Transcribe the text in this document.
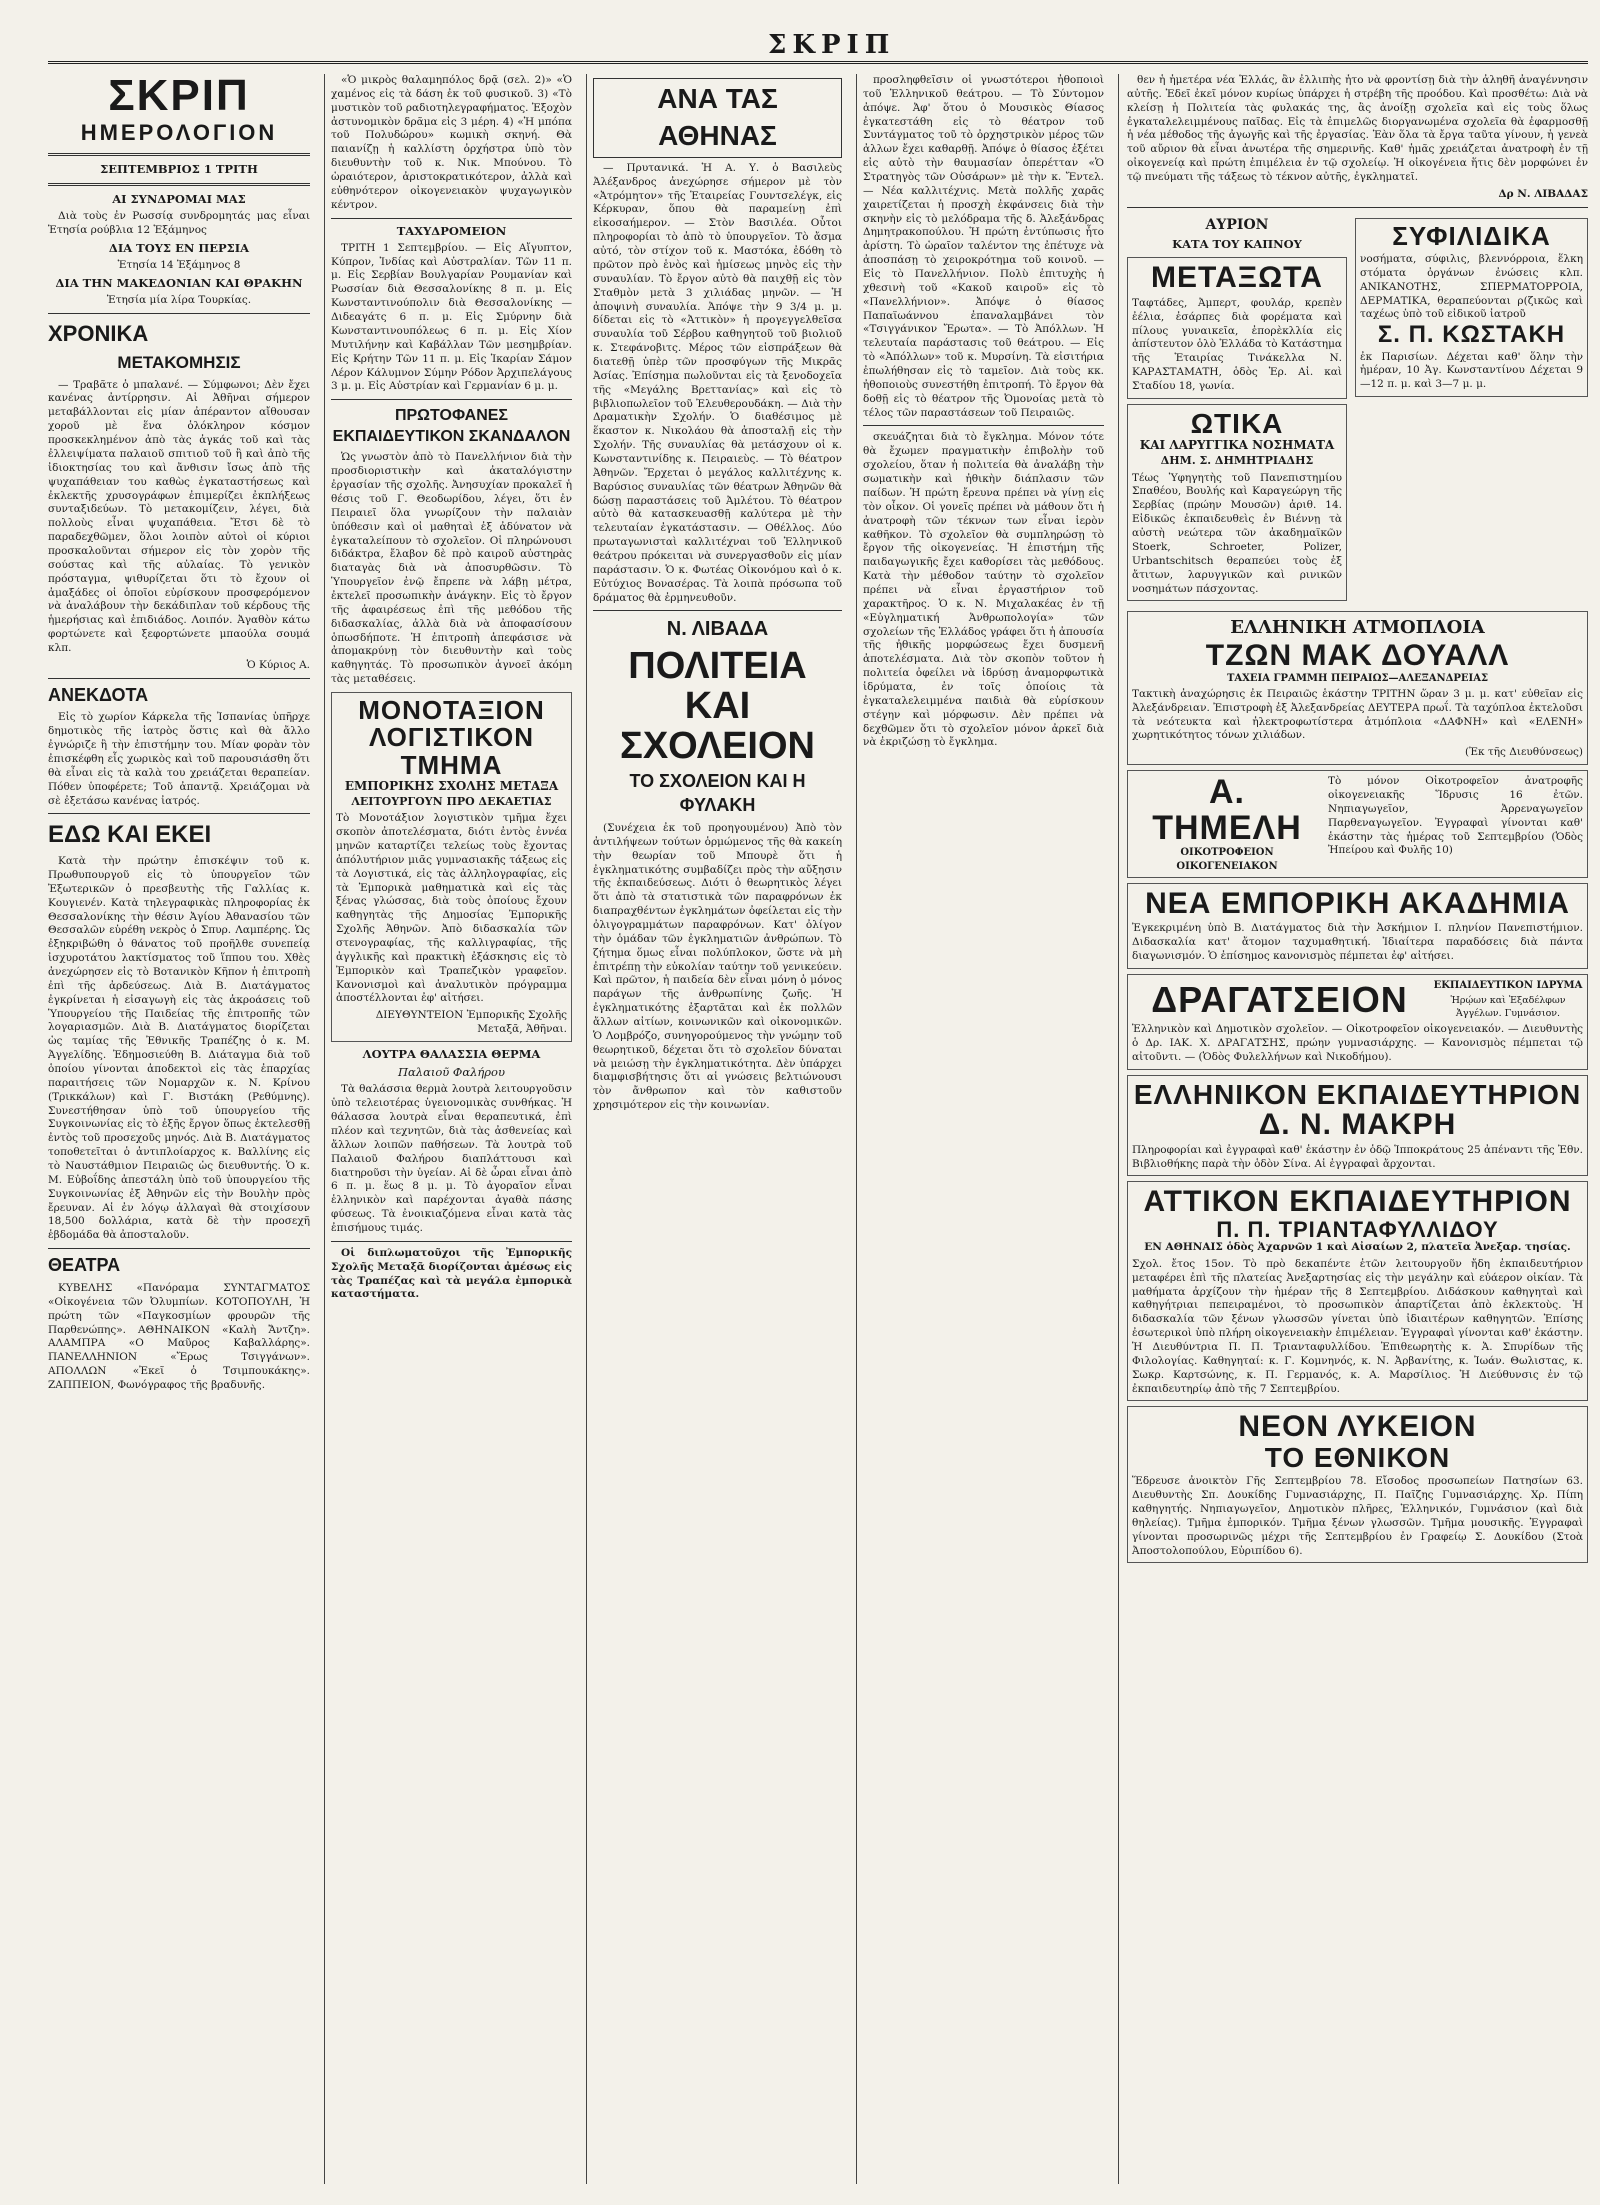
ΣΚΡΙΠ
ΣΚΡΙΠ
ΗΜΕΡΟΛΟΓΙΟΝ
ΣΕΠΤΕΜΒΡΙΟΣ 1 ΤΡΙΤΗ
ΑΙ ΣΥΝΔΡΟΜΑΙ ΜΑΣ

Διὰ τοὺς ἐν Ρωσσίᾳ συνδρομητάς μας εἶναι Ἑτησία ρούβλια 12 Ἑξάμηνος

ΔΙΑ ΤΟΥΣ ΕΝ ΠΕΡΣΙΑ

Ἑτησία 14 Ἑξάμηνος 8

ΔΙΑ ΤΗΝ ΜΑΚΕΔΟΝΙΑΝ ΚΑΙ ΘΡΑΚΗΝ

Ἑτησία μία λίρα Τουρκίας.

ΧΡΟΝΙΚΑ
ΜΕΤΑΚΟΜΗΣΙΣ

— Τραβᾶτε ὁ μπαλανέ. — Σύμφωνοι; Δὲν ἔχει κανένας ἀντίρρησιν. Αἱ Ἀθῆναι σήμερον μεταβάλλονται εἰς μίαν ἀπέραντον αἴθουσαν χοροῦ μὲ ἕνα ὁλόκληρον κόσμον προσκεκλημένον ἀπὸ τὰς ἀγκάς τοῦ καὶ τὰς ἐλλειψίματα παλαιοῦ σπιτιοῦ τοῦ ἢ καὶ ἀπὸ τῆς ἰδιοκτησίας του καὶ ἄνθισιν ἴσως ἀπὸ τῆς ψυχαπάθειαν του καθὼς ἐγκαταστήσεως καὶ ἐκλεκτῆς χρυσογράφων ἐπιμερίζει ἐκπλήξεως συνταξιδεύων. Τὸ μετακομίζειν, λέγει, διὰ πολλοὺς εἶναι ψυχαπάθεια. Ἔτσι δὲ τὸ παραδεχθῶμεν, ὅλοι λοιπὸν αὐτοὶ οἱ κύριοι προσκαλοῦνται σήμερον εἰς τὸν χορὸν τῆς σούστας καὶ τῆς αὐλαίας. Τὸ γενικὸν πρόσταγμα, ψιθυρίζεται ὅτι τὸ ἔχουν οἱ ἀμαξάδες οἱ ὁποῖοι εὑρίσκουν προσφερόμενον νὰ ἀναλάβουν τὴν δεκάδιπλαν τοῦ κέρδους τῆς ἡμερήσιας καὶ ἐπιδιάδος. Λοιπόν. Ἀγαθὸν κάτω φορτώνετε καὶ ξεφορτώνετε μπαούλα σουμά κλπ.

Ὁ Κύριος Α.

ΑΝΕΚΔΟΤΑ

Εἰς τὸ χωρίον Κάρκελα τῆς Ἰσπανίας ὑπῆρχε δημοτικὸς τῆς ἰατρὸς ὅστις καὶ θὰ ἄλλο ἐγνώριζε ἢ τὴν ἐπιστήμην του. Μίαν φορὰν τὸν ἐπισκέφθη εἷς χωρικὸς καὶ τοῦ παρουσιάσθη ὅτι θὰ εἶναι εἰς τὰ καλὰ του χρειάζεται θεραπείαν. Πόθεν ὑποφέρετε; Τοῦ ἀπαντᾷ. Χρειάζομαι νὰ σὲ ἐξετάσω κανένας ἰατρός.

ΕΔΩ ΚΑΙ ΕΚΕΙ

Κατὰ τὴν πρώτην ἐπισκέψιν τοῦ κ. Πρωθυπουργοῦ εἰς τὸ ὑπουργεῖον τῶν Ἐξωτερικῶν ὁ πρεσβευτὴς τῆς Γαλλίας κ. Κουγιενέν. Κατὰ τηλεγραφικὰς πληροφορίας ἐκ Θεσσαλονίκης τὴν θέσιν Ἀγίου Ἀθανασίου τῶν Θεσσαλῶν εὑρέθη νεκρὸς ὁ Σπυρ. Λαμπέρης. Ὡς ἐξηκριβώθη ὁ θάνατος τοῦ προῆλθε συνεπείᾳ ἰσχυροτάτου λακτίσματος τοῦ ἵππου του. Χθὲς ἀνεχώρησεν εἰς τὸ Βοτανικὸν Κῆπον ἡ ἐπιτροπὴ ἐπὶ τῆς ἀρδεύσεως. Διὰ Β. Διατάγματος ἐγκρίνεται ἡ εἰσαγωγὴ εἰς τὰς ἀκροάσεις τοῦ Ὑπουργείου τῆς Παιδείας τῆς ἐπιτροπῆς τῶν λογαριασμῶν. Διὰ Β. Διατάγματος διορίζεται ὡς ταμίας τῆς Ἐθνικῆς Τραπέζης ὁ κ. Μ. Ἀγγελίδης. Ἐδημοσιεύθη Β. Διάταγμα διὰ τοῦ ὁποίου γίνονται ἀποδεκτοὶ εἰς τὰς ἐπαρχίας παραιτήσεις τῶν Νομαρχῶν κ. Ν. Κρίνου (Τρικκάλων) καὶ Γ. Βιστάκη (Ρεθύμνης). Συνεστήθησαν ὑπὸ τοῦ ὑπουργείου τῆς Συγκοινωνίας εἰς τὸ ἐξῆς ἔργον ὅπως ἐκτελεσθῇ ἐντὸς τοῦ προσεχοῦς μηνός. Διὰ Β. Διατάγματος τοποθετεῖται ὁ ἀντιπλοίαρχος κ. Βαλλίνης εἰς τὸ Ναυστάθμιον Πειραιῶς ὡς διευθυντής. Ὁ κ. Μ. Εὐβοΐδης ἀπεστάλη ὑπὸ τοῦ ὑπουργείου τῆς Συγκοινωνίας ἐξ Ἀθηνῶν εἰς τὴν Βουλὴν πρὸς ἔρευναν. Αἱ ἐν λόγῳ ἀλλαγαὶ θὰ στοιχίσουν 18,500 δολλάρια, κατὰ δὲ τὴν προσεχῆ ἑβδομάδα θὰ ἀποσταλοῦν.

ΘΕΑΤΡΑ

ΚΥΒΕΛΗΣ «Πανόραμα ΣΥΝΤΑΓΜΑΤΟΣ «Οἰκογένεια τῶν Ὀλυμπίων. ΚΟΤΟΠΟΥΛΗ, Ἡ πρώτη τῶν «Παγκοσμίων φρουρῶν τῆς Παρθενώπης». ΑΘΗΝΑΙΚΟΝ «Καλὴ Ἄντζη». ΑΛΑΜΠΡΑ «Ο Μαῦρος Καβαλλάρης». ΠΑΝΕΛΛΗΝΙΟΝ «Ἔρως Τσιγγάνων». ΑΠΟΛΛΩΝ «Ἐκεῖ ὁ Τσιμπουκάκης». ΖΑΠΠΕΙΟΝ, Φωνόγραφος τῆς βραδυνῆς.

«Ὁ μικρὸς θαλαμηπόλος δρᾷ (σελ. 2)» «Ὁ χαμένος εἰς τὰ δάση ἐκ τοῦ φυσικοῦ. 3) «Τὸ μυστικὸν τοῦ ραδιοτηλεγραφήματος. Ἐξοχὸν ἀστυνομικὸν δρᾶμα εἰς 3 μέρη. 4) «Ἡ μπόπα τοῦ Πολυδώρου» κωμικὴ σκηνή. Θὰ παιανίζῃ ἡ καλλίστη ὀρχήστρα ὑπὸ τὸν διευθυντὴν τοῦ κ. Νικ. Μπούνου. Τὸ ὡραιότερον, ἀριστοκρατικότερον, ἀλλὰ καὶ εὐθηνότερον οἰκογενειακὸν ψυχαγωγικὸν κέντρον.

ΤΑΧΥΔΡΟΜΕΙΟΝ

ΤΡΙΤΗ 1 Σεπτεμβρίου. — Εἰς Αἴγυπτον, Κύπρον, Ἰνδίας καὶ Αὐστραλίαν. Τῶν 11 π. μ. Εἰς Σερβίαν Βουλγαρίαν Ρουμανίαν καὶ Ρωσσίαν διὰ Θεσσαλονίκης 8 π. μ. Εἰς Κωνσταντινούπολιν διὰ Θεσσαλονίκης — Διδεαγάτς 6 π. μ. Εἰς Σμύρνην διὰ Κωνσταντινουπόλεως 6 π. μ. Εἰς Χίον Μυτιλήνην καὶ Καβάλλαν Τῶν μεσημβρίαν. Εἰς Κρήτην Τῶν 11 π. μ. Εἰς Ἰκαρίαν Σάμον Λέρον Κάλυμνον Σύμην Ρόδον Ἀρχιπελάγους 3 μ. μ. Εἰς Αὐστρίαν καὶ Γερμανίαν 6 μ. μ.

ΠΡΩΤΟΦΑΝΕΣ ΕΚΠΑΙΔΕΥΤΙΚΟΝ ΣΚΑΝΔΑΛΟΝ

Ὡς γνωστὸν ἀπὸ τὸ Πανελλήνιον διὰ τὴν προσδιοριστικὴν καὶ ἀκαταλόγιστην ἐργασίαν τῆς σχολῆς. Ἀνησυχίαν προκαλεῖ ἡ θέσις τοῦ Γ. Θεοδωρίδου, λέγει, ὅτι ἐν Πειραιεῖ ὅλα γνωρίζουν τὴν παλαιὰν ὑπόθεσιν καὶ οἱ μαθηταὶ ἐξ ἀδύνατον νὰ ἐγκαταλείπουν τὸ σχολεῖον. Οἱ πληρώνουσι διδάκτρα, ἔλαβον δὲ πρὸ καιροῦ αὐστηρὰς διαταγὰς διὰ νὰ ἀποσυρθῶσιν. Τὸ Ὑπουργεῖον ἐνῷ ἔπρεπε νὰ λάβῃ μέτρα, ἐκτελεῖ προσωπικὴν ἀνάγκην. Εἰς τὸ ἔργον τῆς ἀφαιρέσεως ἐπὶ τῆς μεθόδου τῆς διδασκαλίας, ἀλλὰ διὰ νὰ ἀποφασίσουν ὁπωσδήποτε. Ἡ ἐπιτροπὴ ἀπεφάσισε νὰ ἀπομακρύνῃ τὸν διευθυντὴν καὶ τοὺς καθηγητάς. Τὸ προσωπικὸν ἀγνοεῖ ἀκόμη τὰς μεταθέσεις.

ΜΟΝΟΤΑΞΙΟΝ ΛΟΓΙΣΤΙΚΟΝ ΤΜΗΜΑ
ΕΜΠΟΡΙΚΗΣ ΣΧΟΛΗΣ ΜΕΤΑΞΑ
ΛΕΙΤΟΥΡΓΟΥΝ ΠΡΟ ΔΕΚΑΕΤΙΑΣ
Τὸ Μονοτάξιον λογιστικὸν τμῆμα ἔχει σκοπὸν ἀποτελέσματα, διότι ἐντὸς ἐννέα μηνῶν καταρτίζει τελείως τοὺς ἔχοντας ἀπόλυτήριον μιᾶς γυμνασιακῆς τάξεως εἰς τὰ Λογιστικά, εἰς τὰς ἀλληλογραφίας, εἰς τὰ Ἐμπορικὰ μαθηματικὰ καὶ εἰς τὰς ξένας γλώσσας, διὰ τοὺς ὁποίους ἔχουν καθηγητὰς τῆς Δημοσίας Ἐμπορικῆς Σχολῆς Ἀθηνῶν. Ἀπὸ διδασκαλία τῶν στενογραφίας, τῆς καλλιγραφίας, τῆς ἀγγλικῆς καὶ πρακτικὴ ἐξάσκησις εἰς τὸ Ἐμπορικὸν καὶ Τραπεζικὸν γραφεῖον. Κανονισμοὶ καὶ ἀναλυτικὸν πρόγραμμα ἀποστέλλονται ἐφ' αἰτήσει.
ΔΙΕΥΘΥΝΤΕΙΟΝ Ἐμπορικῆς Σχολῆς Μεταξᾶ, Ἀθῆναι.
ΛΟΥΤΡΑ ΘΑΛΑΣΣΙΑ ΘΕΡΜΑ
Παλαιοῦ Φαλήρου

Τὰ θαλάσσια θερμὰ λουτρὰ λειτουργοῦσιν ὑπὸ τελειοτέρας ὑγειονομικὰς συνθήκας. Ἡ θάλασσα λουτρὰ εἶναι θεραπευτικά, ἐπὶ πλέον καὶ τεχνητῶν, διὰ τὰς ἀσθενείας καὶ ἄλλων λοιπῶν παθήσεων. Τὰ λουτρὰ τοῦ Παλαιοῦ Φαλήρου διαπλάττουσι καὶ διατηροῦσι τὴν ὑγείαν. Αἱ δὲ ὧραι εἶναι ἀπὸ 6 π. μ. ἕως 8 μ. μ. Τὸ ἀγοραῖον εἶναι ἑλληνικὸν καὶ παρέχονται ἀγαθὰ πάσης φύσεως. Τὰ ἐνοικιαζόμενα εἶναι κατὰ τὰς ἐπισήμους τιμάς.

Οἱ διπλωματοῦχοι τῆς Ἐμπορικῆς Σχολῆς Μεταξᾶ διορίζονται ἀμέσως εἰς τὰς Τραπέζας καὶ τὰ μεγάλα ἐμπορικὰ καταστήματα.

ΑΝΑ ΤΑΣ ΑΘΗΝΑΣ

— Πρυτανικά. Ἡ Α. Υ. ὁ Βασιλεὺς Ἀλέξανδρος ἀνεχώρησε σήμερον μὲ τὸν «Ἀτρόμητον» τῆς Ἑταιρείας Γουντσελέγκ, εἰς Κέρκυραν, ὅπου θὰ παραμείνῃ ἐπὶ εἰκοσαήμερον. — Στὸν Βασιλέα. Οὗτοι πληροφορίαι τὸ ἀπὸ τὸ ὑπουργεῖον. Τὸ ἄσμα αὐτό, τὸν στίχον τοῦ κ. Μαστόκα, ἐδόθη τὸ πρῶτον πρὸ ἑνὸς καὶ ἡμίσεως μηνὸς εἰς τὴν συναυλίαν. Τὸ ἔργον αὐτὸ θὰ παιχθῇ εἰς τὸν Σταθμὸν μετὰ 3 χιλιάδας μηνῶν. — Ἡ ἀποψινὴ συναυλία. Ἀπόψε τὴν 9 3/4 μ. μ. δίδεται εἰς τὸ «Ἀττικὸν» ἡ προγεγγελθεῖσα συναυλία τοῦ Σέρβου καθηγητοῦ τοῦ βιολιοῦ κ. Στεφάνοβιτς. Μέρος τῶν εἰσπράξεων θὰ διατεθῇ ὑπὲρ τῶν προσφύγων τῆς Μικρᾶς Ἀσίας. Ἐπίσημα πωλοῦνται εἰς τὰ ξενοδοχεῖα τῆς «Μεγάλης Βρεττανίας» καὶ εἰς τὸ βιβλιοπωλεῖον τοῦ Ἐλευθερουδάκη. — Διὰ τὴν Δραματικὴν Σχολήν. Ὁ διαθέσιμος μὲ ἕκαστον κ. Νικολάου θὰ ἀποσταλῇ εἰς τὴν Σχολήν. Τῆς συναυλίας θὰ μετάσχουν οἱ κ. Κωνσταντινίδης κ. Πειραιεὺς. — Τὸ θέατρον Ἀθηνῶν. Ἔρχεται ὁ μεγάλος καλλιτέχνης κ. Βαρύσιος συναυλίας τῶν θέατρων Ἀθηνῶν θὰ δώσῃ παραστάσεις τοῦ Ἀμλέτου. Τὸ θέατρον αὐτὸ θὰ κατασκευασθῇ καλύτερα μὲ τὴν τελευταίαν ἐγκατάστασιν. — Οθέλλος. Δύο πρωταγωνισταὶ καλλιτέχναι τοῦ Ἑλληνικοῦ θεάτρου πρόκειται νὰ συνεργασθοῦν εἰς μίαν παράστασιν. Ὁ κ. Φωτέας Οἰκονόμου καὶ ὁ κ. Εὐτύχιος Βονασέρας. Τὰ λοιπὰ πρόσωπα τοῦ δράματος θὰ ἐρμηνευθοῦν.

Ν. ΛΙΒΑΔΑ
ΠΟΛΙΤΕΙΑ ΚΑΙ ΣΧΟΛΕΙΟΝ
ΤΟ ΣΧΟΛΕΙΟΝ ΚΑΙ Η ΦΥΛΑΚΗ

(Συνέχεια ἐκ τοῦ προηγουμένου) Ἀπὸ τὸν ἀντιλήψεων τούτων ὁρμώμενος τῆς θὰ κακείη τὴν θεωρίαν τοῦ Μπουρὲ ὅτι ἡ ἐγκληματικότης συμβαδίζει πρὸς τὴν αὔξησιν τῆς ἐκπαιδεύσεως. Διότι ὁ θεωρητικὸς λέγει ὅτι ἀπὸ τὰ στατιστικὰ τῶν παραφρόνων ἐκ διαπραχθέντων ἐγκλημάτων ὀφείλεται εἰς τὴν ὀλιγογραμμάτων παραφρόνων. Κατ' ὀλίγον τὴν ὁμάδαν τῶν ἐγκληματιῶν ἀνθρώπων. Τὸ ζήτημα ὅμως εἶναι πολύπλοκον, ὥστε νὰ μὴ ἐπιτρέπῃ τὴν εὐκολίαν ταύτην τοῦ γενικεύειν. Καὶ πρῶτον, ἡ παιδεία δὲν εἶναι μόνη ὁ μόνος παράγων τῆς ἀνθρωπίνης ζωῆς. Ἡ ἐγκληματικότης ἐξαρτᾶται καὶ ἐκ πολλῶν ἄλλων αἰτίων, κοινωνικῶν καὶ οἰκονομικῶν. Ὁ Λομβρόζο, συνηγορούμενος τὴν γνώμην τοῦ θεωρητικοῦ, δέχεται ὅτι τὸ σχολεῖον δύναται νὰ μειώσῃ τὴν ἐγκληματικότητα. Δὲν ὑπάρχει διαμφισβήτησις ὅτι αἱ γνώσεις βελτιώνουσι τὸν ἄνθρωπον καὶ τὸν καθιστοῦν χρησιμότερον εἰς τὴν κοινωνίαν.

προσληφθεῖσιν οἱ γνωστότεροι ἠθοποιοὶ τοῦ Ἑλληνικοῦ θεάτρου. — Τὸ Σύντομον ἀπόψε. Ἀφ' ὅτου ὁ Μουσικὸς Θίασος ἐγκατεστάθη εἰς τὸ θέατρον τοῦ Συντάγματος τοῦ τὸ ὀρχηστρικὸν μέρος τῶν ἀλλων ἔχει καθαρθῇ. Ἀπόψε ὁ θίασος ἐξέτει εἰς αὐτὸ τὴν θαυμασίαν ὀπερέτταν «Ὁ Στρατηγὸς τῶν Οὐσάρων» μὲ τὴν κ. Ἔντελ. — Νέα καλλιτέχνις. Μετὰ πολλῆς χαρᾶς χαιρετίζεται ἡ προσχὴ ἐκφάνσεις διὰ τὴν σκηνὴν εἰς τὸ μελόδραμα τῆς δ. Ἀλεξάνδρας Δημητρακοπούλου. Ἡ πρώτη ἐντύπωσις ἦτο ἀρίστη. Τὸ ὡραῖον ταλέντον της ἐπέτυχε νὰ ἀποσπάσῃ τὸ χειροκρότημα τοῦ κοινοῦ. — Εἰς τὸ Πανελλήνιον. Πολὺ ἐπιτυχὴς ἡ χθεσινὴ τοῦ «Κακοῦ καιροῦ» εἰς τὸ «Πανελλήνιον». Ἀπόψε ὁ θίασος Παπαϊωάννου ἐπαναλαμβάνει τὸν «Τσιγγάνικον Ἔρωτα». — Τὸ Ἀπόλλων. Ἡ τελευταία παράστασις τοῦ θεάτρου. — Εἰς τὸ «Ἀπόλλων» τοῦ κ. Μυρσίνη. Τὰ εἰσιτήρια ἐπωλήθησαν εἰς τὸ ταμεῖον. Διὰ τοὺς κκ. ἠθοποιοὺς συνεστήθη ἐπιτροπή. Τὸ ἔργον θὰ δοθῇ εἰς τὸ θέατρον τῆς Ὀμονοίας μετὰ τὸ τέλος τῶν παραστάσεων τοῦ Πειραιῶς.

σκευάζηται διὰ τὸ ἔγκλημα. Μόνον τότε θὰ ἔχωμεν πραγματικὴν ἐπιβολὴν τοῦ σχολείου, ὅταν ἡ πολιτεία θὰ ἀναλάβῃ τὴν σωματικὴν καὶ ἠθικὴν διάπλασιν τῶν παίδων. Ἡ πρώτη ἔρευνα πρέπει νὰ γίνῃ εἰς τὸν οἶκον. Οἱ γονεῖς πρέπει νὰ μάθουν ὅτι ἡ ἀνατροφὴ τῶν τέκνων των εἶναι ἱερὸν καθῆκον. Τὸ σχολεῖον θὰ συμπληρώσῃ τὸ ἔργον τῆς οἰκογενείας. Ἡ ἐπιστήμη τῆς παιδαγωγικῆς ἔχει καθορίσει τὰς μεθόδους. Κατὰ τὴν μέθοδον ταύτην τὸ σχολεῖον πρέπει νὰ εἶναι ἐργαστήριον τοῦ χαρακτῆρος. Ὁ κ. Ν. Μιχαλακέας ἐν τῇ «Εὐγληματική Ἀνθρωπολογία» τῶν σχολείων τῆς Ἑλλάδος γράφει ὅτι ἡ ἀπουσία τῆς ἠθικῆς μορφώσεως ἔχει δυσμενῆ ἀποτελέσματα. Διὰ τὸν σκοπὸν τοῦτον ἡ πολιτεία ὀφείλει νὰ ἱδρύσῃ ἀναμορφωτικὰ ἱδρύματα, ἐν τοῖς ὁποίοις τὰ ἐγκαταλελειμμένα παιδιὰ θὰ εὑρίσκουν στέγην καὶ μόρφωσιν. Δὲν πρέπει νὰ δεχθῶμεν ὅτι τὸ σχολεῖον μόνον ἀρκεῖ διὰ νὰ ἐκριζώσῃ τὸ ἔγκλημα.

θεν ἡ ἡμετέρα νέα Ἑλλάς, ἂν ἐλλιπὴς ἦτο νὰ φροντίσῃ διὰ τὴν ἀληθῆ ἀναγέννησιν αὐτῆς. Ἐδεῖ ἐκεῖ μόνον κυρίως ὑπάρχει ἡ στρέβη τῆς προόδου. Καὶ προσθέτω: Διὰ νὰ κλείσῃ ἡ Πολιτεία τὰς φυλακάς της, ἂς ἀνοίξῃ σχολεῖα καὶ εἰς τοὺς ὅλως ἐγκαταλελειμμένους παῖδας. Εἰς τὰ ἐπιμελῶς διοργανωμένα σχολεῖα θὰ ἐφαρμοσθῇ ἡ νέα μέθοδος τῆς ἀγωγῆς καὶ τῆς ἐργασίας. Ἐὰν ὅλα τὰ ἔργα ταῦτα γίνουν, ἡ γενεὰ τοῦ αὔριον θὰ εἶναι ἀνωτέρα τῆς σημερινῆς. Καθ' ἡμᾶς χρειάζεται ἀνατροφὴ ἐν τῇ οἰκογενείᾳ καὶ πρώτη ἐπιμέλεια ἐν τῷ σχολείῳ. Ἡ οἰκογένεια ἥτις δὲν μορφώνει ἐν τῷ πνεύματι τῆς τάξεως τὸ τέκνον αὐτῆς, ἐγκληματεῖ.

Δρ Ν. ΛΙΒΑΔΑΣ

ΑΥΡΙΟΝ
ΚΑΤΑ ΤΟΥ ΚΑΠΝΟΥ
ΜΕΤΑΞΩΤΑ
Ταφτάδες, Ἀμπερτ, φουλάρ, κρεπὲν ἐέλια, ἐσάρπες διὰ φορέματα καὶ πίλους γυναικεῖα, ἐπορὲκλλία εἰς ἀπίστευτον ὁλὸ Ἑλλάδα τὸ Κατάστημα τῆς Ἑταιρίας Τινάκελλα Ν. ΚΑΡΑΣΤΑΜΑΤΗ, ὁδὸς Ἑρ. Αἰ. καὶ Σταδίου 18, γωνία.
ΩΤΙΚΑ
ΚΑΙ ΛΑΡΥΓΓΙΚΑ ΝΟΣΗΜΑΤΑ
ΔΗΜ. Σ. ΔΗΜΗΤΡΙΑΔΗΣ
Τέως Ὑφηγητὴς τοῦ Πανεπιστημίου Σπαθέου, Βουλής καὶ Καραγεώργη τῆς Σερβίας (πρώην Μουσῶν) ἀριθ. 14. Εἰδικῶς ἐκπαιδευθεὶς ἐν Βιέννῃ τὰ αὐστὴ νεώτερα τῶν ἀκαδημαϊκῶν Stoerk, Schroeter, Polizer, Urbantschitsch θεραπεύει τοὺς ἐξ ἄτιτων, λαρυγγικῶν καὶ ρινικῶν νοσημάτων πάσχοντας.
ΣΥΦΙΛΙΔΙΚΑ
νοσήματα, σύφιλις, βλεννόρροια, ἕλκη στόματα ὀργάνων ἐνώσεις κλπ. ΑΝΙΚΑΝΟΤΗΣ, ΣΠΕΡΜΑΤΟΡΡΟΙΑ, ΔΕΡΜΑΤΙΚΑ, θεραπεύονται ρ(ζικῶς καὶ ταχέως ὑπὸ τοῦ εἰδικοῦ ἰατροῦ
Σ. Π. ΚΩΣΤΑΚΗ
ἐκ Παρισίων. Δέχεται καθ' ὅλην τὴν ἡμέραν, 10 Ἀγ. Κωνσταντίνου Δέχεται 9—12 π. μ. καὶ 3—7 μ. μ.
ΕΛΛΗΝΙΚΗ ΑΤΜΟΠΛΟΙΑ
ΤΖΩΝ ΜΑΚ ΔΟΥΑΛΛ
ΤΑΧΕΙΑ ΓΡΑΜΜΗ ΠΕΙΡΑΙΩΣ—ΑΛΕΞΑΝΔΡΕΙΑΣ
Τακτικὴ ἀναχώρησις ἐκ Πειραιῶς ἑκάστην ΤΡΙΤΗΝ ὥραν 3 μ. μ. κατ' εὐθεῖαν εἰς Ἀλεξάνδρειαν. Ἐπιστροφὴ ἐξ Ἀλεξανδρείας ΔΕΥΤΕΡΑ πρωΐ. Τὰ ταχύπλοα ἐκτελοῦσι τὰ νεότευκτα καὶ ἠλεκτροφωτίστερα ἀτμόπλοια «ΔΑΦΝΗ» καὶ «ΕΛΕΝΗ» χωρητικότητος τόνων χιλιάδων.
(Ἐκ τῆς Διευθύνσεως)
Α. ΤΗΜΕΛΗ
ΟΙΚΟΤΡΟΦΕΙΟΝ ΟΙΚΟΓΕΝΕΙΑΚΟΝ
Τὸ μόνον Οἰκοτροφεῖον ἀνατροφῆς οἰκογενειακῆς Ἵδρυσις 16 ἐτῶν. Νηπιαγωγεῖον, Ἀρρεναγωγεῖον Παρθεναγωγεῖον. Ἐγγραφαὶ γίνονται καθ' ἑκάστην τὰς ἡμέρας τοῦ Σεπτεμβρίου (Ὁδὸς Ἠπείρου καὶ Φυλῆς 10)
ΝΕΑ ΕΜΠΟΡΙΚΗ ΑΚΑΔΗΜΙΑ
Ἐγκεκριμένη ὑπὸ Β. Διατάγματος διὰ τὴν Ἀσκήμιον Ι. πληνίον Πανεπιστήμιον. Διδασκαλία κατ' ἄτομον ταχυμαθητική. Ἰδιαίτερα παραδόσεις διὰ πάντα διαγωνισμόν. Ὁ ἐπίσημος κανονισμὸς πέμπεται ἐφ' αἰτήσει.
ΔΡΑΓΑΤΣΕΙΟΝ	ΕΚΠΑΙΔΕΥΤΙΚΟΝ ΙΔΡΥΜΑ
Ἡρῴων καὶ Ἐξαδέλφων Ἀγγέλων. Γυμνάσιον.
Ἑλληνικὸν καὶ Δημοτικὸν σχολεῖον. — Οἰκοτροφεῖον οἰκογενειακόν. — Διευθυντὴς ὁ Δρ. ΙΑΚ. Χ. ΔΡΑΓΑΤΣΗΣ, πρώην γυμνασιάρχης. — Κανονισμὸς πέμπεται τῷ αἰτοῦντι. — (Ὁδὸς Φυλελλήνων καὶ Νικοδήμου).
ΕΛΛΗΝΙΚΟΝ ΕΚΠΑΙΔΕΥΤΗΡΙΟΝ
Δ. Ν. ΜΑΚΡΗ
Πληροφορίαι καὶ ἐγγραφαὶ καθ' ἑκάστην ἐν ὁδῷ Ἱπποκράτους 25 ἀπέναντι τῆς Ἐθν. Βιβλιοθήκης παρὰ τὴν ὁδὸν Σίνα. Αἱ ἐγγραφαὶ ἄρχονται.
ΑΤΤΙΚΟΝ ΕΚΠΑΙΔΕΥΤΗΡΙΟΝ
Π. Π. ΤΡΙΑΝΤΑΦΥΛΛΙΔΟΥ
ΕΝ ΑΘΗΝΑΙΣ ὁδὸς Ἀχαρνῶν 1 καὶ Αἰσαίων 2, πλατεῖα Ἀνεξαρ. τησίας.
Σχολ. ἔτος 15ον. Τὸ πρὸ δεκαπέντε ἐτῶν λειτουργοῦν ἤδη ἐκπαιδευτήριον μεταφέρει ἐπὶ τῆς πλατείας Ἀνεξαρτησίας εἰς τὴν μεγάλην καὶ εὐάερον οἰκίαν. Τὰ μαθήματα ἀρχίζουν τὴν ἡμέραν τῆς 8 Σεπτεμβρίου. Διδάσκουν καθηγηταὶ καὶ καθηγήτριαι πεπειραμένοι, τὸ προσωπικὸν ἀπαρτίζεται ἀπὸ ἐκλεκτοὺς. Ἡ διδασκαλία τῶν ξένων γλωσσῶν γίνεται ὑπὸ ἰδιαιτέρων καθηγητῶν. Ἐπίσης ἐσωτερικοὶ ὑπὸ πλήρη οἰκογενειακὴν ἐπιμέλειαν. Ἐγγραφαὶ γίνονται καθ' ἑκάστην. Ἡ Διευθύντρια Π. Π. Τριανταφυλλίδου. Ἐπιθεωρητὴς κ. Ἀ. Σπυρίδων τῆς Φιλολογίας. Καθηγηταί: κ. Γ. Κομνηνός, κ. Ν. Ἀρβανίτης, κ. Ἰωάν. Θωλιστας, κ. Σωκρ. Καρτσώνης, κ. Π. Γερμανός, κ. Α. Μαρσίλιος. Ἡ Διεύθυνσις ἐν τῷ ἐκπαιδευτηρίῳ ἀπὸ τῆς 7 Σεπτεμβρίου.
ΝΕΟΝ ΛΥΚΕΙΟΝ
ΤΟ ΕΘΝΙΚΟΝ
Ἕδρευσε ἀνοικτὸν Γῆς Σεπτεμβρίου 78. Εἴσοδος προσωπείων Πατησίων 63. Διευθυντὴς Σπ. Δουκίδης Γυμνασιάρχης, Π. Παῖζης Γυμνασιάρχης. Χρ. Πίπη καθηγητής. Νηπιαγωγεῖον, Δημοτικὸν πλῆρες, Ἑλληνικόν, Γυμνάσιον (καὶ διὰ θηλείας). Τμῆμα ἐμπορικόν. Τμῆμα ξένων γλωσσῶν. Τμῆμα μουσικῆς. Ἐγγραφαὶ γίνονται προσωρινῶς μέχρι τῆς Σεπτεμβρίου ἐν Γραφείῳ Σ. Δουκίδου (Στοὰ Ἀποστολοπούλου, Εὐριπίδου 6).
